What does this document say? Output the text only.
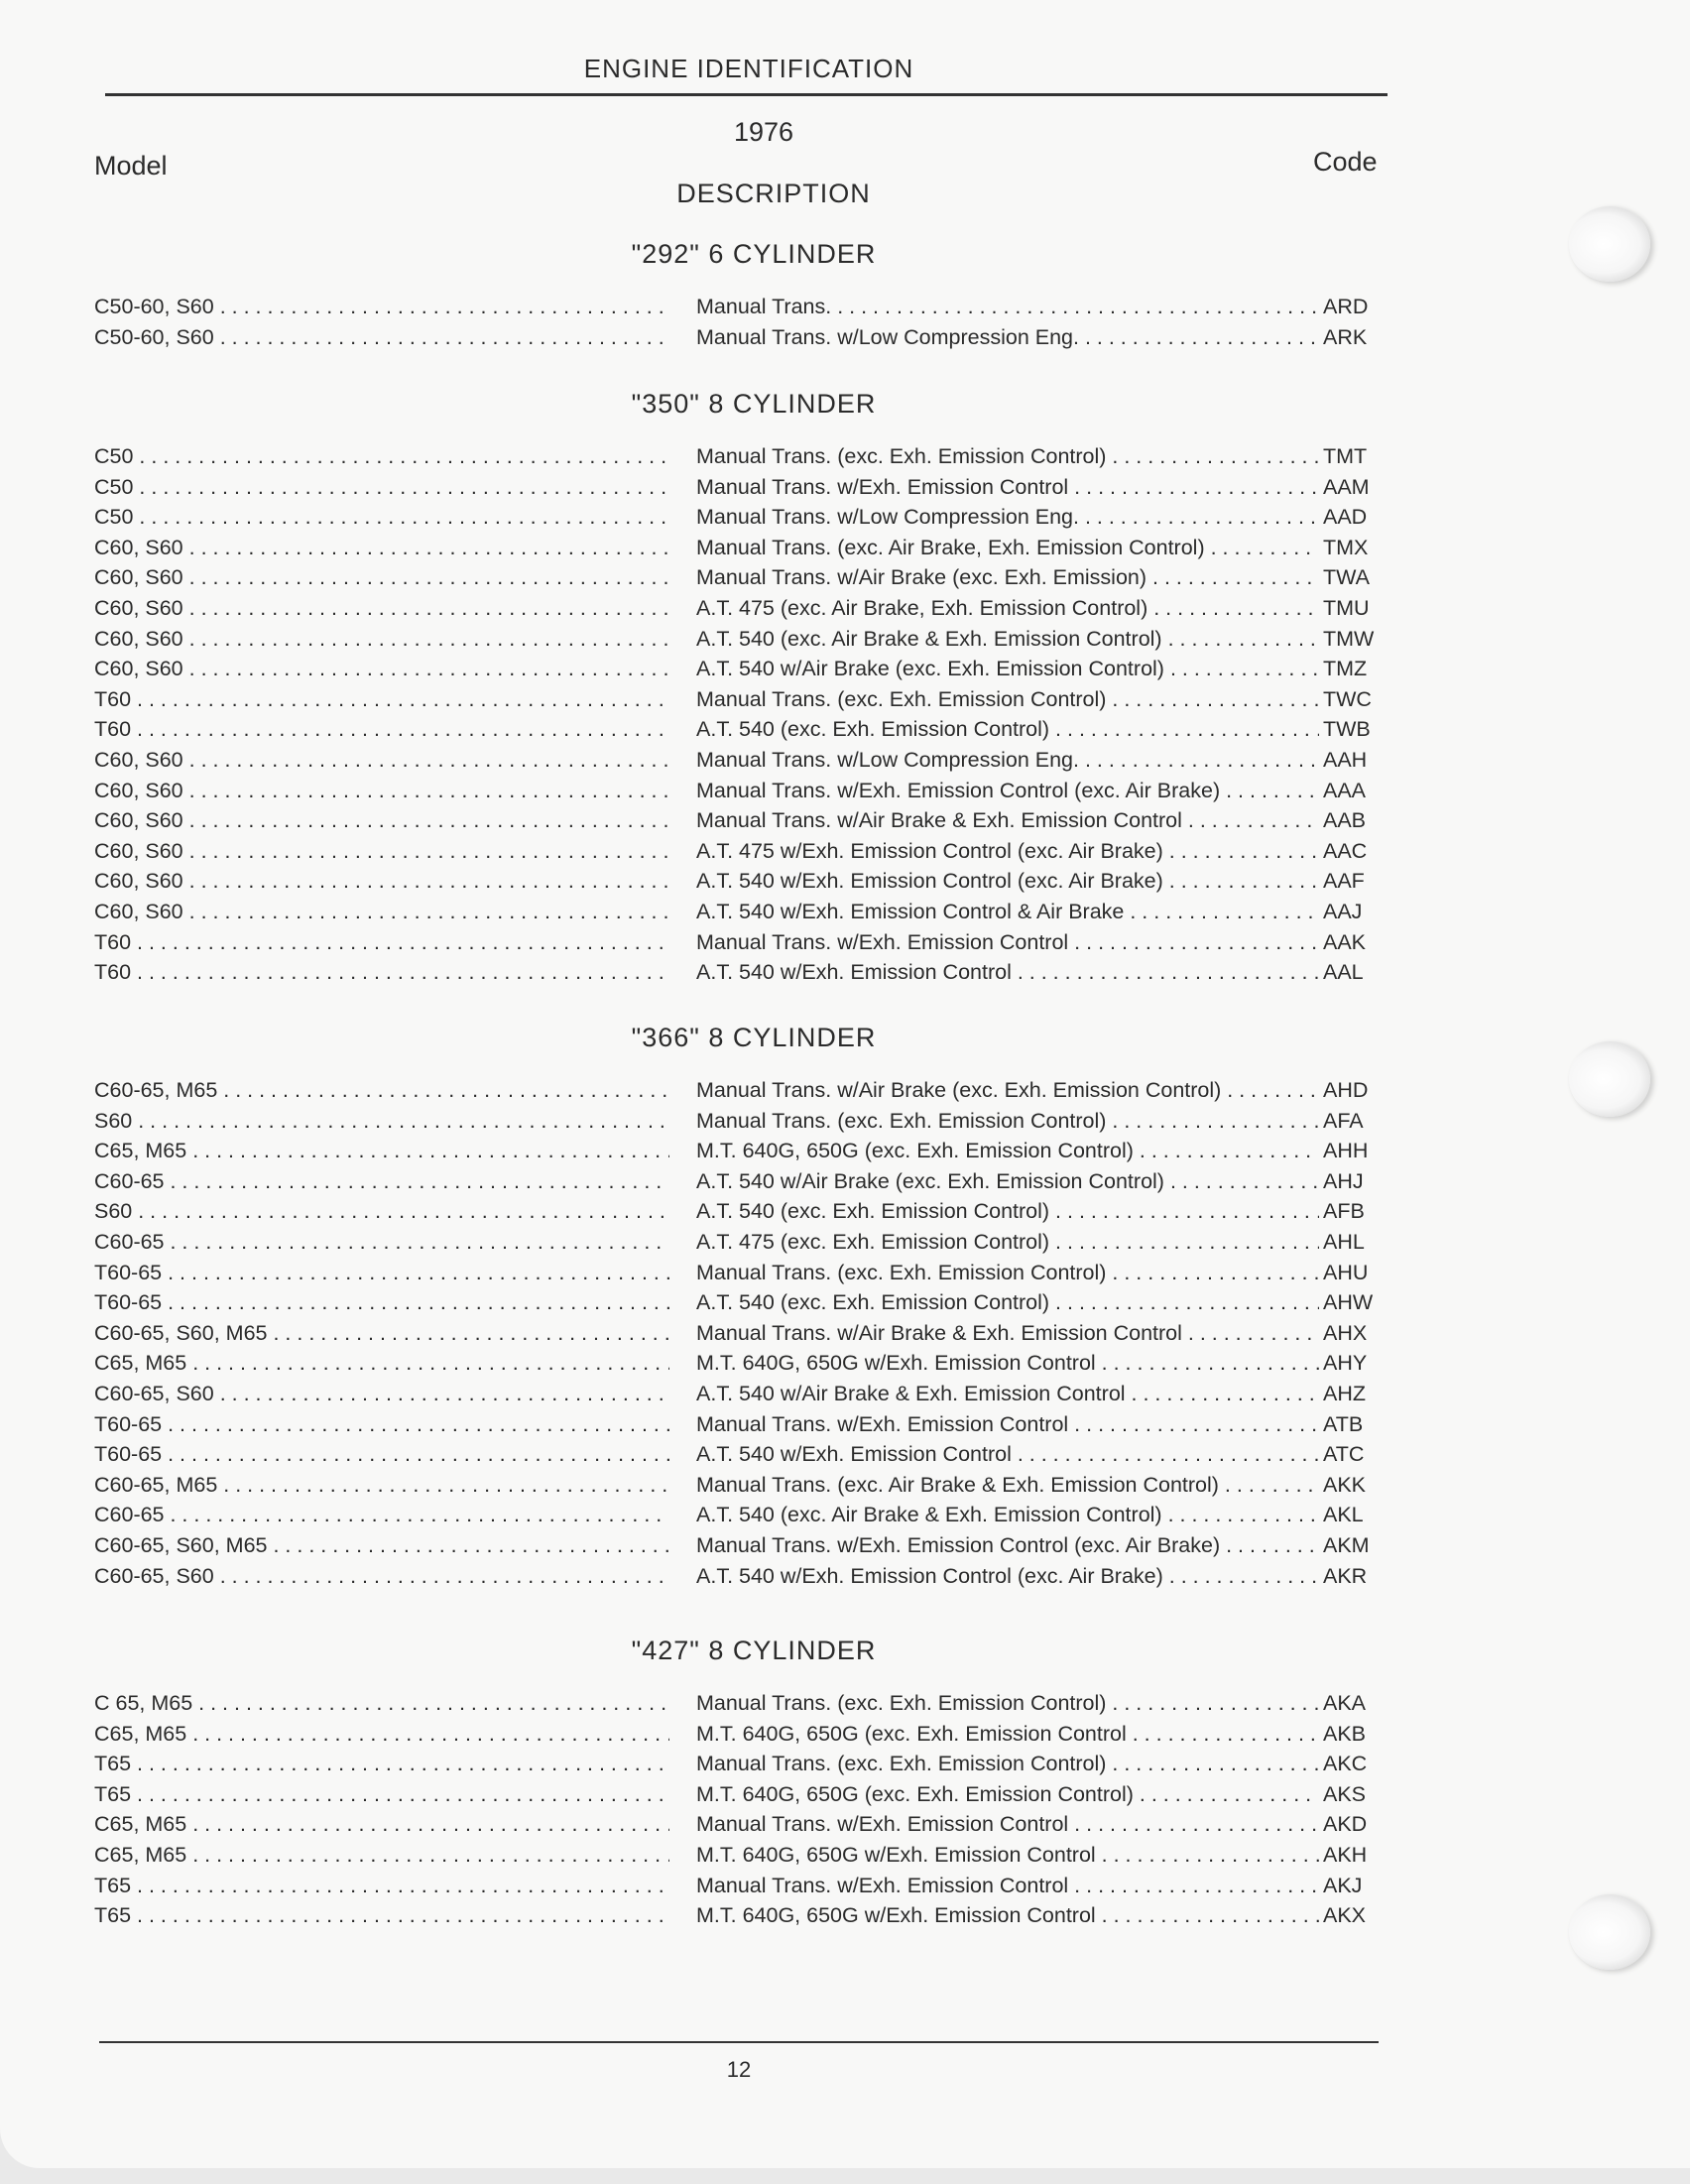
ENGINE IDENTIFICATION
1976
Model	Code
DESCRIPTION
"292" 6 CYLINDER
C50-60, S60 . . .	Manual Trans. . . .	ARD
C50-60, S60 . . .	Manual Trans. w/Low Compression Eng. . . .	ARK
"350" 8 CYLINDER
C50 . . .	Manual Trans. (exc. Exh. Emission Control) . . .	TMT
C50 . . .	Manual Trans. w/Exh. Emission Control . . .	AAM
C50 . . .	Manual Trans. w/Low Compression Eng. . . .	AAD
C60, S60 . . .	Manual Trans. (exc. Air Brake, Exh. Emission Control) . . .	TMX
C60, S60 . . .	Manual Trans. w/Air Brake (exc. Exh. Emission) . . .	TWA
C60, S60 . . .	A.T. 475 (exc. Air Brake, Exh. Emission Control) . . .	TMU
C60, S60 . . .	A.T. 540 (exc. Air Brake & Exh. Emission Control) . . .	TMW
C60, S60 . . .	A.T. 540 w/Air Brake (exc. Exh. Emission Control) . . .	TMZ
T60 . . .	Manual Trans. (exc. Exh. Emission Control) . . .	TWC
T60 . . .	A.T. 540 (exc. Exh. Emission Control) . . .	TWB
C60, S60 . . .	Manual Trans. w/Low Compression Eng. . . .	AAH
C60, S60 . . .	Manual Trans. w/Exh. Emission Control (exc. Air Brake) . . .	AAA
C60, S60 . . .	Manual Trans. w/Air Brake & Exh. Emission Control . . .	AAB
C60, S60 . . .	A.T. 475 w/Exh. Emission Control (exc. Air Brake) . . .	AAC
C60, S60 . . .	A.T. 540 w/Exh. Emission Control (exc. Air Brake) . . .	AAF
C60, S60 . . .	A.T. 540 w/Exh. Emission Control & Air Brake . . .	AAJ
T60 . . .	Manual Trans. w/Exh. Emission Control . . .	AAK
T60 . . .	A.T. 540 w/Exh. Emission Control . . .	AAL
"366" 8 CYLINDER
C60-65, M65 . . .	Manual Trans. w/Air Brake (exc. Exh. Emission Control) . . .	AHD
S60 . . .	Manual Trans. (exc. Exh. Emission Control) . . .	AFA
C65, M65 . . .	M.T. 640G, 650G (exc. Exh. Emission Control) . . .	AHH
C60-65 . . .	A.T. 540 w/Air Brake (exc. Exh. Emission Control) . . .	AHJ
S60 . . .	A.T. 540 (exc. Exh. Emission Control) . . .	AFB
C60-65 . . .	A.T. 475 (exc. Exh. Emission Control) . . .	AHL
T60-65 . . .	Manual Trans. (exc. Exh. Emission Control) . . .	AHU
T60-65 . . .	A.T. 540 (exc. Exh. Emission Control) . . .	AHW
C60-65, S60, M65 . . .	Manual Trans. w/Air Brake & Exh. Emission Control . . .	AHX
C65, M65 . . .	M.T. 640G, 650G w/Exh. Emission Control . . .	AHY
C60-65, S60 . . .	A.T. 540 w/Air Brake & Exh. Emission Control . . .	AHZ
T60-65 . . .	Manual Trans. w/Exh. Emission Control . . .	ATB
T60-65 . . .	A.T. 540 w/Exh. Emission Control . . .	ATC
C60-65, M65 . . .	Manual Trans. (exc. Air Brake & Exh. Emission Control) . . .	AKK
C60-65 . . .	A.T. 540 (exc. Air Brake & Exh. Emission Control) . . .	AKL
C60-65, S60, M65 . . .	Manual Trans. w/Exh. Emission Control (exc. Air Brake) . . .	AKM
C60-65, S60 . . .	A.T. 540 w/Exh. Emission Control (exc. Air Brake) . . .	AKR
"427" 8 CYLINDER
C 65, M65 . . .	Manual Trans. (exc. Exh. Emission Control) . . .	AKA
C65, M65 . . .	M.T. 640G, 650G (exc. Exh. Emission Control . . .	AKB
T65 . . .	Manual Trans. (exc. Exh. Emission Control) . . .	AKC
T65 . . .	M.T. 640G, 650G (exc. Exh. Emission Control) . . .	AKS
C65, M65 . . .	Manual Trans. w/Exh. Emission Control . . .	AKD
C65, M65 . . .	M.T. 640G, 650G w/Exh. Emission Control . . .	AKH
T65 . . .	Manual Trans. w/Exh. Emission Control . . .	AKJ
T65 . . .	M.T. 640G, 650G w/Exh. Emission Control . . .	AKX
12
